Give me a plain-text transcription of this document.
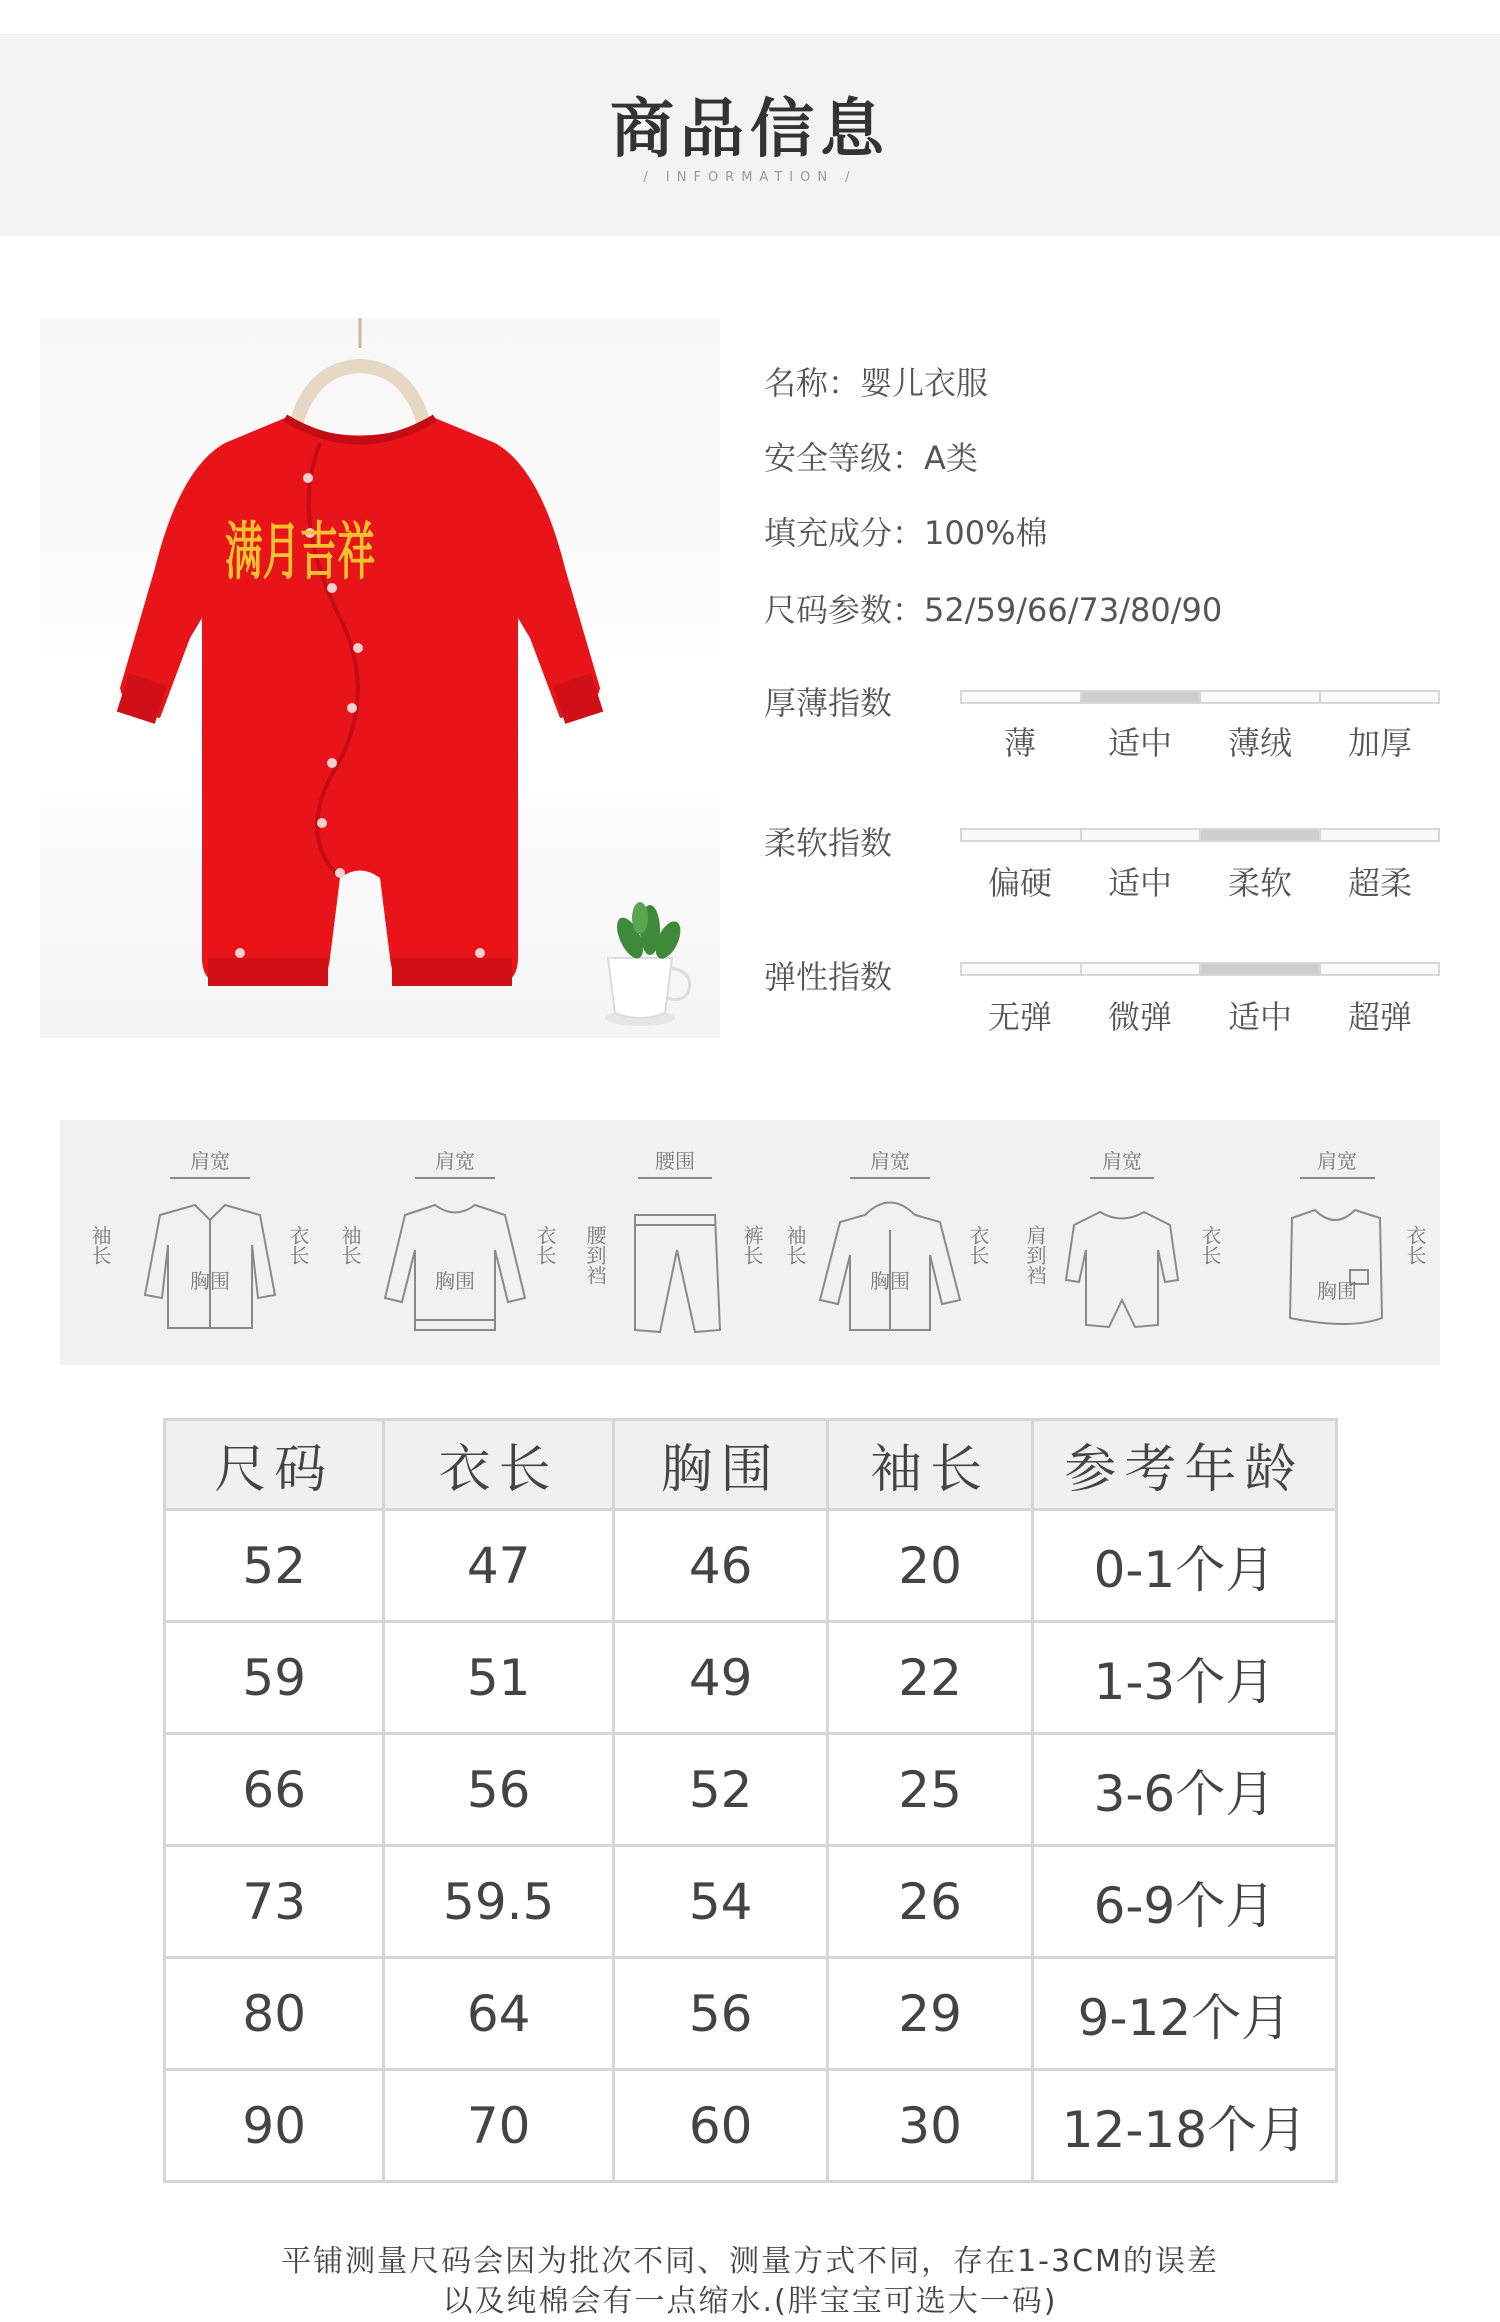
商品信息
/ INFORMATION /
满月吉祥
名称：婴儿衣服
安全等级：A类
填充成分：100%棉
尺码参数：52/59/66/73/80/90
厚薄指数
薄	适中	薄绒	加厚
柔软指数
偏硬	适中	柔软	超柔
弹性指数
无弹	微弹	适中	超弹
肩宽	肩宽	腰围	肩宽	肩宽	肩宽
胸围	胸围	胸围	胸围
袖长	袖长	腰到裆	袖长	肩到裆
衣长	衣长	裤长	衣长	衣长	衣长
尺码	衣长	胸围	袖长	参考年龄
52	47	46	20	0-1个月
59	51	49	22	1-3个月
66	56	52	25	3-6个月
73	59.5	54	26	6-9个月
80	64	56	29	9-12个月
90	70	60	30	12-18个月
平铺测量尺码会因为批次不同、测量方式不同，存在1-3CM的误差
以及纯棉会有一点缩水.(胖宝宝可选大一码)
